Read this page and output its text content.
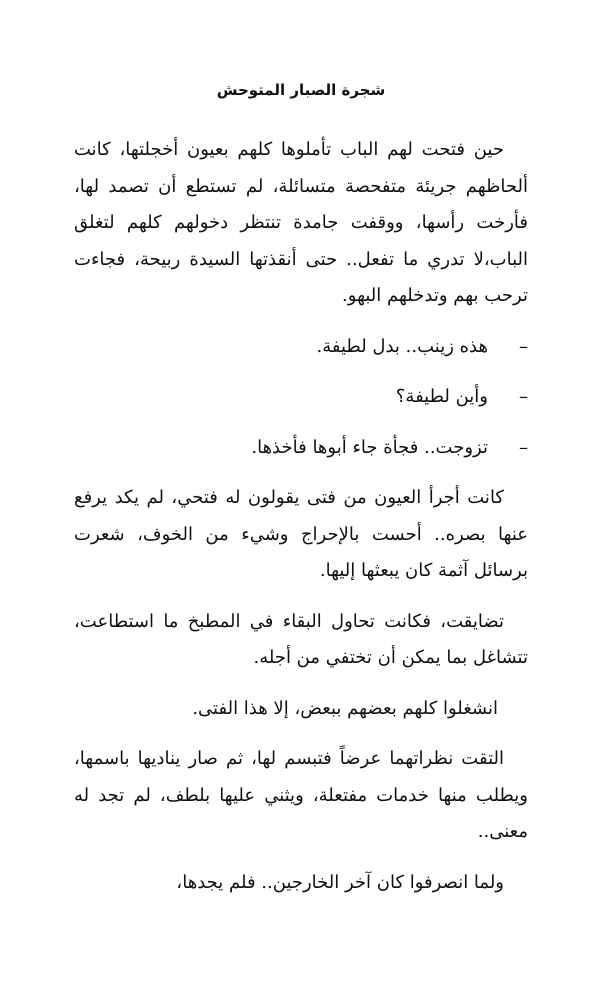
شجرة الصبار المتوحش

حين فتحت لهم الباب تأملوها كلهم بعيون أخجلتها، كانت ألحاظهم جريئة متفحصة متسائلة، لم تستطع أن تصمد لها، فأرخت رأسها، ووقفت جامدة تنتظر دخولهم كلهم لتغلق الباب،لا تدري ما تفعل.. حتى أنقذتها السيدة ربيحة، فجاءت ترحب بهم وتدخلهم البهو.

–
هذه زينب.. بدل لطيفة.
–
وأين لطيفة؟
–
تزوجت.. فجأة جاء أبوها فأخذها.

كانت أجرأ العيون من فتى يقولون له فتحي، لم يكد يرفع عنها بصره.. أحست بالإحراج وشيء من الخوف، شعرت برسائل آثمة كان يبعثها إليها.

تضايقت، فكانت تحاول البقاء في المطبخ ما استطاعت، تتشاغل بما يمكن أن تختفي من أجله.

انشغلوا كلهم بعضهم ببعض، إلا هذا الفتى.

التقت نظراتهما عرضاً فتبسم لها، ثم صار يناديها باسمها، ويطلب منها خدمات مفتعلة، ويثني عليها بلطف، لم تجد له معنى..

ولما انصرفوا كان آخر الخارجين.. فلم يجدها،
